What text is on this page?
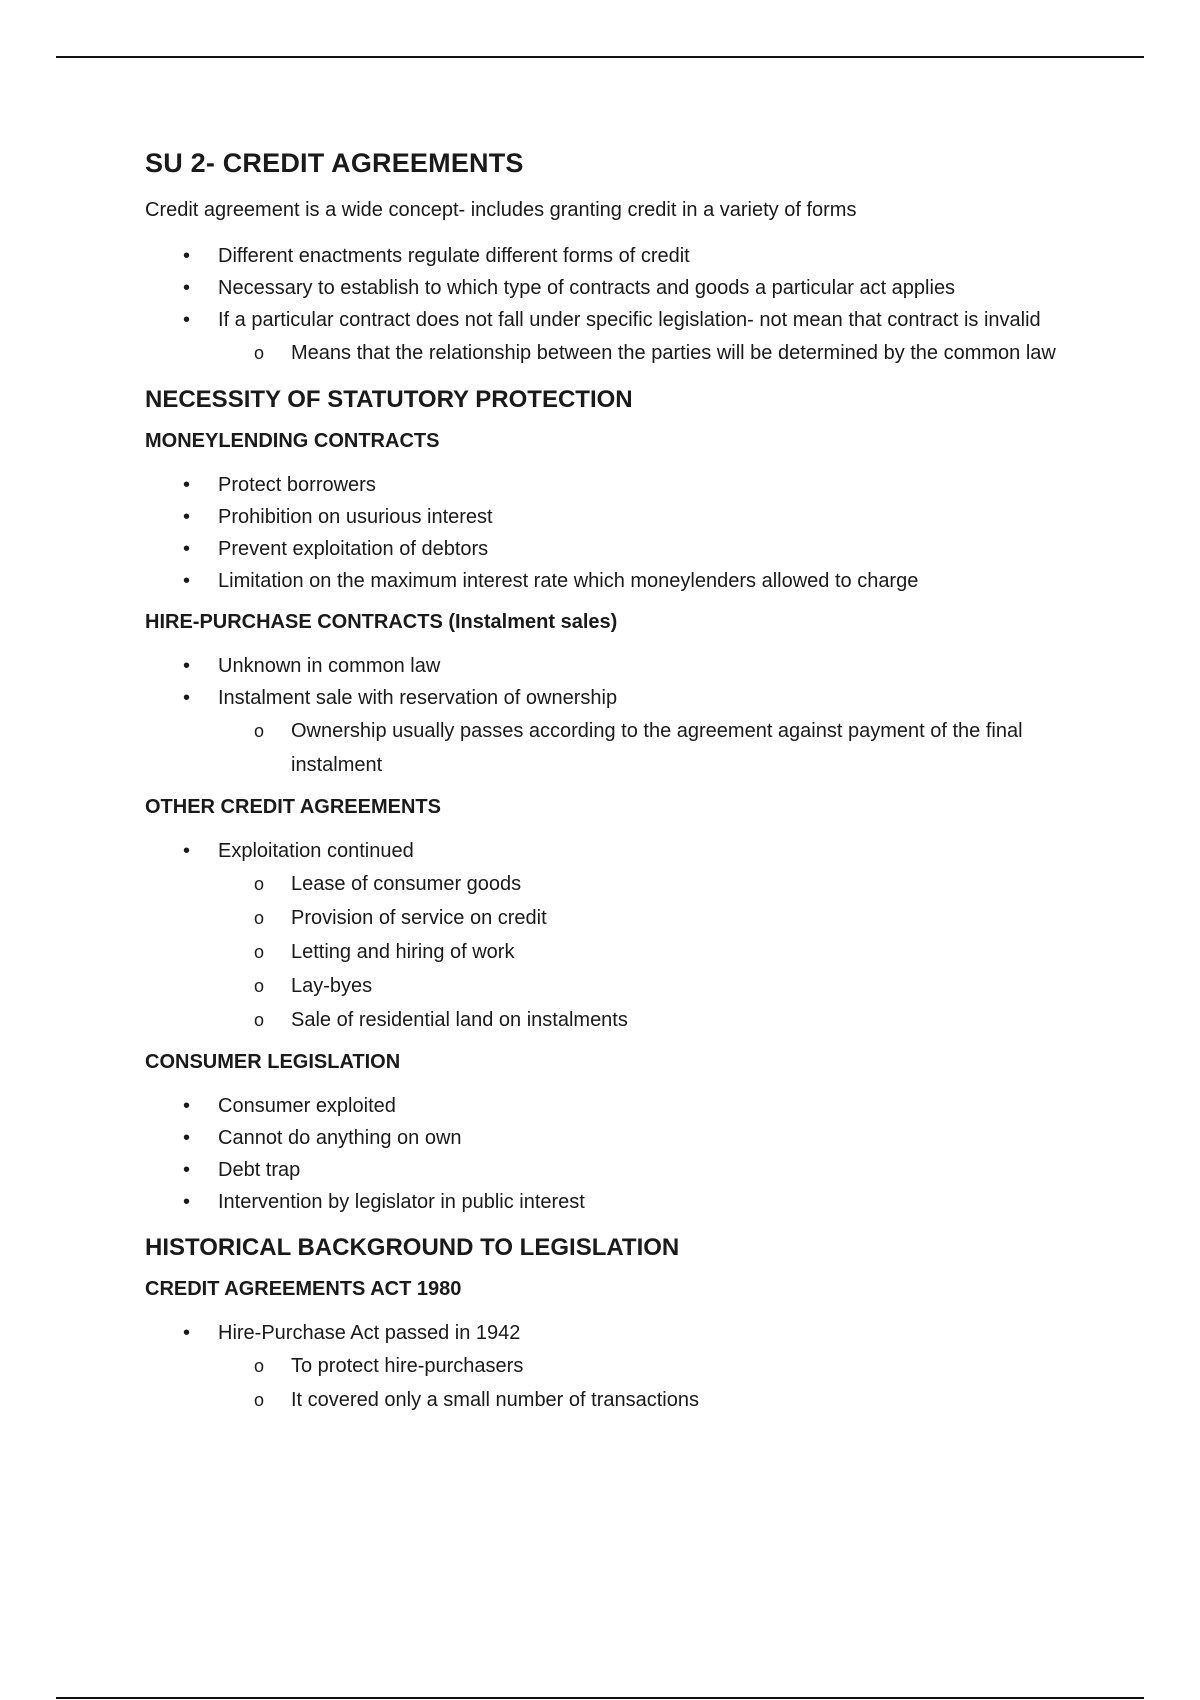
SU 2- CREDIT AGREEMENTS

Credit agreement is a wide concept- includes granting credit in a variety of forms

• Different enactments regulate different forms of credit
• Necessary to establish to which type of contracts and goods a particular act applies
• If a particular contract does not fall under specific legislation- not mean that contract is invalid
o Means that the relationship between the parties will be determined by the common law
NECESSITY OF STATUTORY PROTECTION
MONEYLENDING CONTRACTS
• Protect borrowers
• Prohibition on usurious interest
• Prevent exploitation of debtors
• Limitation on the maximum interest rate which moneylenders allowed to charge
HIRE-PURCHASE CONTRACTS (Instalment sales)
• Unknown in common law
• Instalment sale with reservation of ownership
o Ownership usually passes according to the agreement against payment of the final instalment
OTHER CREDIT AGREEMENTS
• Exploitation continued
o Lease of consumer goods
o Provision of service on credit
o Letting and hiring of work
o Lay-byes
o Sale of residential land on instalments
CONSUMER LEGISLATION
• Consumer exploited
• Cannot do anything on own
• Debt trap
• Intervention by legislator in public interest
HISTORICAL BACKGROUND TO LEGISLATION
CREDIT AGREEMENTS ACT 1980
• Hire-Purchase Act passed in 1942
o To protect hire-purchasers
o It covered only a small number of transactions
